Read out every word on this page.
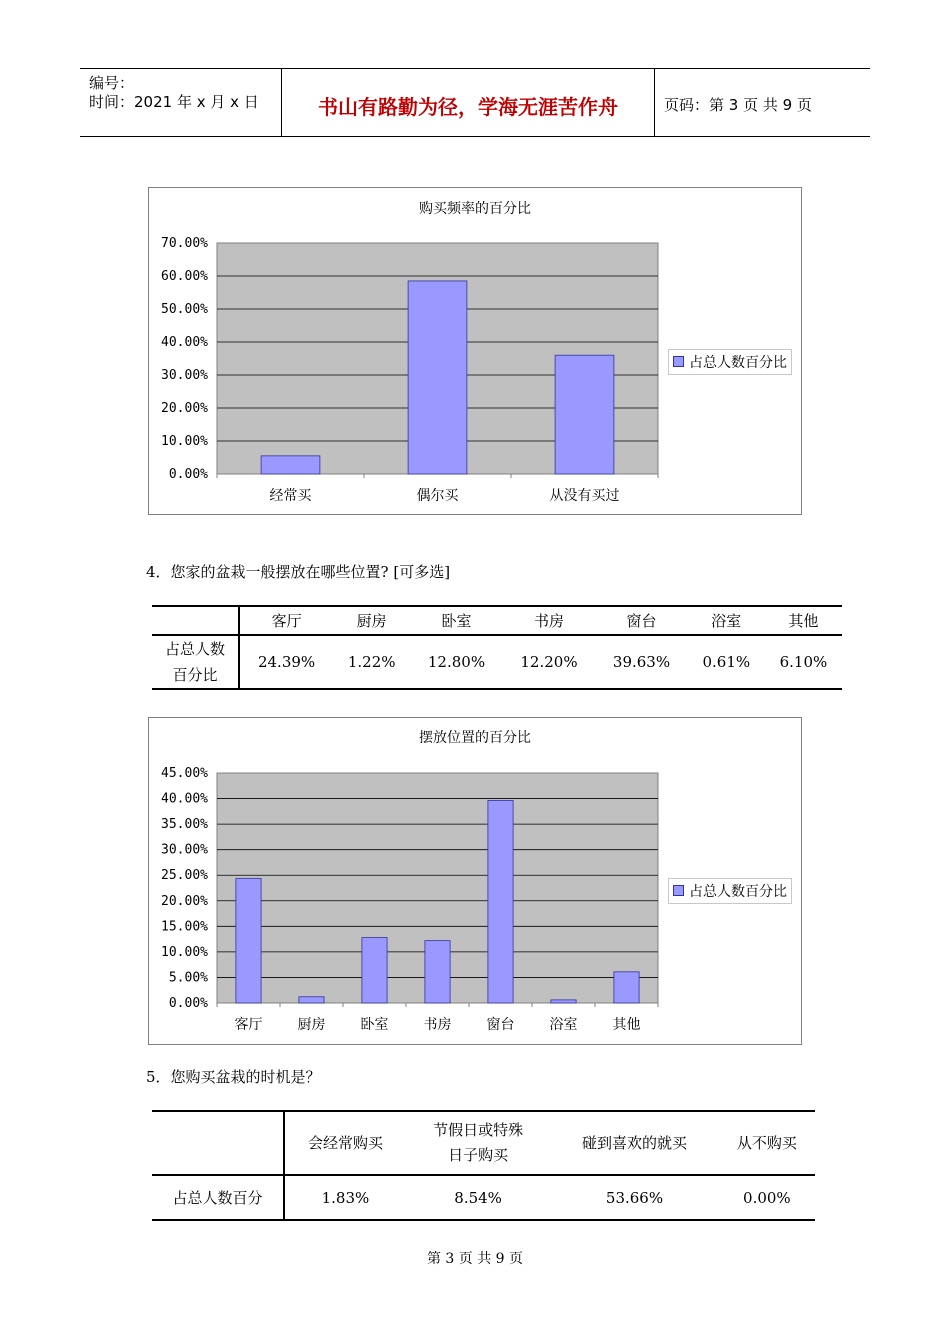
编号：
时间：2021 年 x 月 x 日	书山有路勤为径，学海无涯苦作舟	页码：第 3 页 共 9 页
购买频率的百分比
0.00%
10.00%
20.00%
30.00%
40.00%
50.00%
60.00%
70.00%
经常买	偶尔买	从没有买过
占总人数百分比
4．您家的盆栽一般摆放在哪些位置? [可多选]
	客厅	厨房	卧室	书房	窗台	浴室	其他
占总人数
百分比	24.39%	1.22%	12.80%	12.20%	39.63%	0.61%	6.10%
摆放位置的百分比
0.00%
5.00%
10.00%
15.00%
20.00%
25.00%
30.00%
35.00%
40.00%
45.00%
客厅	厨房	卧室	书房	窗台	浴室	其他
占总人数百分比
5．您购买盆栽的时机是？
	会经常购买	节假日或特殊
日子购买	碰到喜欢的就买	从不购买
占总人数百分	1.83%	8.54%	53.66%	0.00%
第 3 页 共 9 页
